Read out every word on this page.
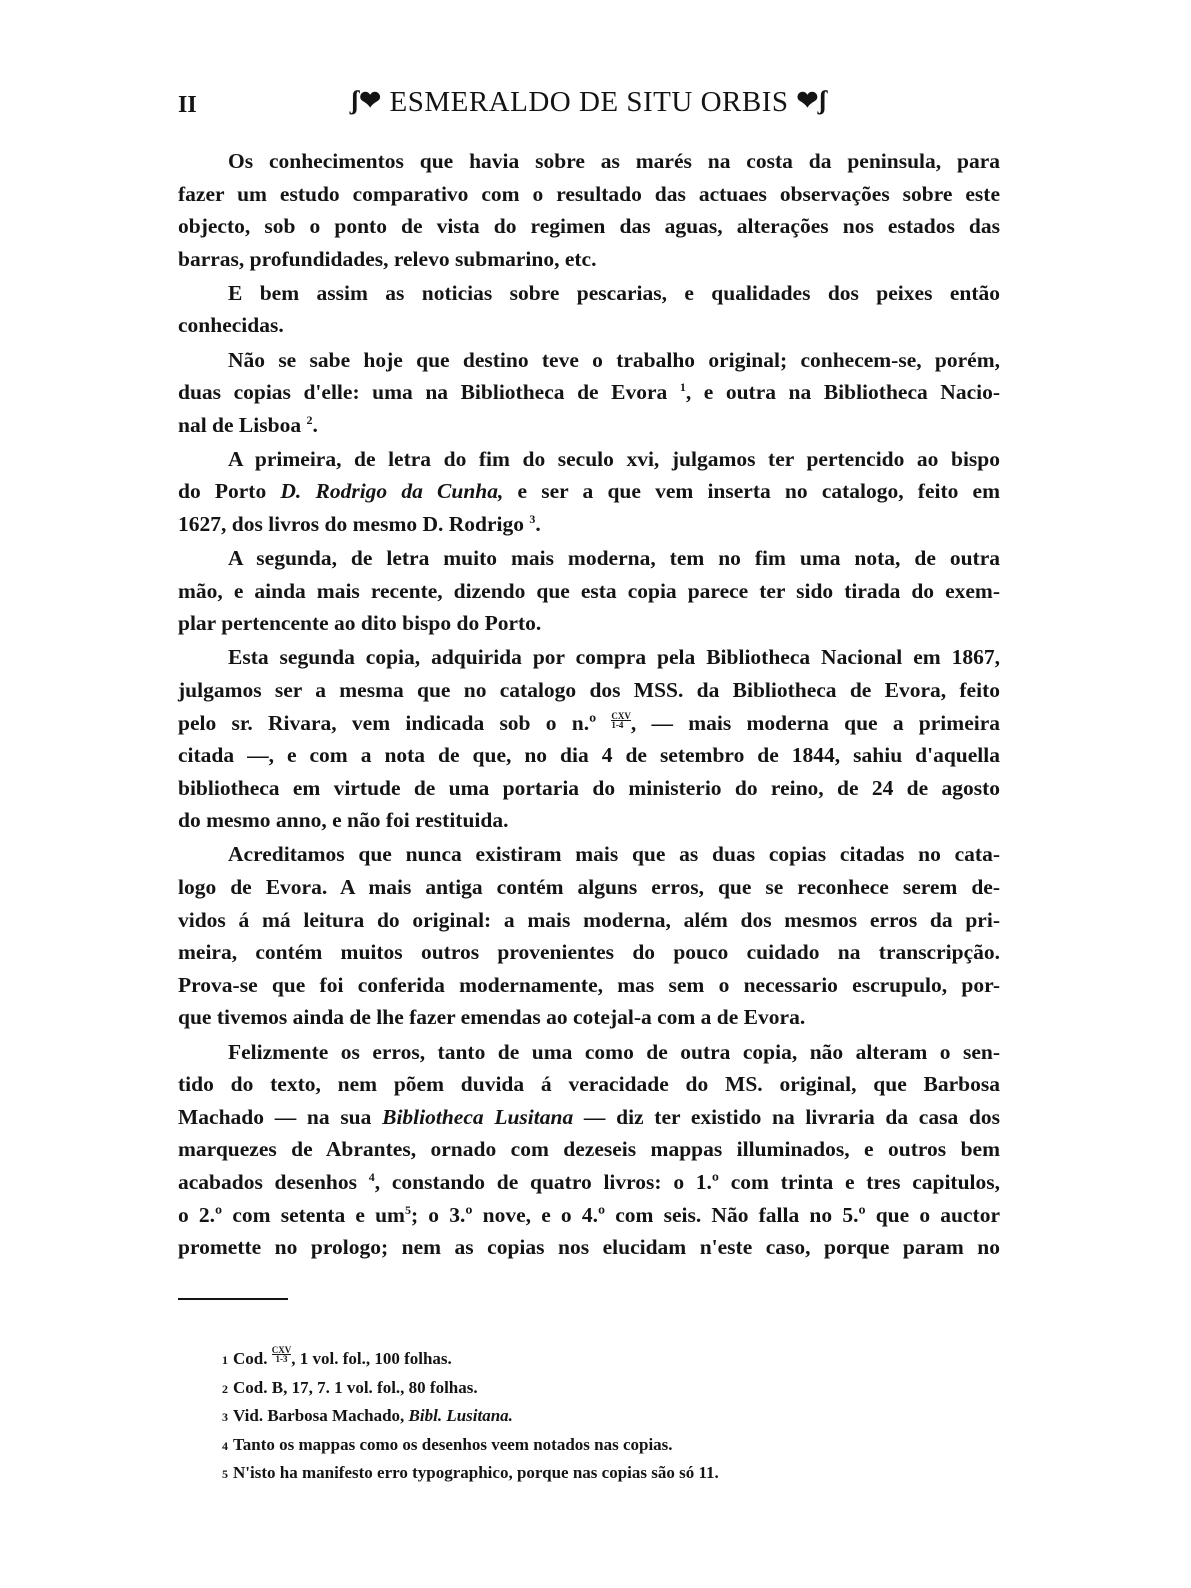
II	ʃ❤ ESMERALDO DE SITU ORBIS ❤ʃ
Os conhecimentos que havia sobre as marés na costa da peninsula, para
fazer um estudo comparativo com o resultado das actuaes observações sobre este
objecto, sob o ponto de vista do regimen das aguas, alterações nos estados das
barras, profundidades, relevo submarino, etc.
E bem assim as noticias sobre pescarias, e qualidades dos peixes então
conhecidas.
Não se sabe hoje que destino teve o trabalho original; conhecem-se, porém,
duas copias d'elle: uma na Bibliotheca de Evora $^1$, e outra na Bibliotheca Nacio-
nal de Lisboa $^2$.
A primeira, de letra do fim do seculo xvi, julgamos ter pertencido ao bispo
do Porto D. Rodrigo da Cunha, e ser a que vem inserta no catalogo, feito em
1627, dos livros do mesmo D. Rodrigo $^3$.
A segunda, de letra muito mais moderna, tem no fim uma nota, de outra
mão, e ainda mais recente, dizendo que esta copia parece ter sido tirada do exem-
plar pertencente ao dito bispo do Porto.
Esta segunda copia, adquirida por compra pela Bibliotheca Nacional em 1867,
julgamos ser a mesma que no catalogo dos MSS. da Bibliotheca de Evora, feito
pelo sr. Rivara, vem indicada sob o n.º $\frac{\text{CXV}}{1-4}$ , — mais moderna que a primeira
citada —, e com a nota de que, no dia 4 de setembro de 1844, sahiu d'aquella
bibliotheca em virtude de uma portaria do ministerio do reino, de 24 de agosto
do mesmo anno, e não foi restituida.
Acreditamos que nunca existiram mais que as duas copias citadas no cata-
logo de Evora. A mais antiga contém alguns erros, que se reconhece serem de-
vidos á má leitura do original: a mais moderna, além dos mesmos erros da pri-
meira, contém muitos outros provenientes do pouco cuidado na transcripção.
Prova-se que foi conferida modernamente, mas sem o necessario escrupulo, por-
que tivemos ainda de lhe fazer emendas ao cotejal-a com a de Evora.
Felizmente os erros, tanto de uma como de outra copia, não alteram o sen-
tido do texto, nem põem duvida á veracidade do MS. original, que Barbosa
Machado — na sua Bibliotheca Lusitana — diz ter existido na livraria da casa dos
marquezes de Abrantes, ornado com dezeseis mappas illuminados, e outros bem
acabados desenhos $^4$, constando de quatro livros: o 1.º com trinta e tres capitulos,
o 2.º com setenta e $um^5$; o 3.º nove, e o 4.º com seis. Não falla no 5.º que o auctor
promette no prologo; nem as copias nos elucidam n'este caso, porque param no
1 Cod. $\frac{\text{CXV}}{1-3}$ , 1 vol. fol., 100 folhas.
2 Cod. B, 17, 7. 1 vol. fol., 80 folhas.
3 Vid. Barbosa Machado, Bibl. Lusitana.
4 Tanto os mappas como os desenhos veem notados nas copias.
5 N'isto ha manifesto erro typographico, porque nas copias são só 11.
